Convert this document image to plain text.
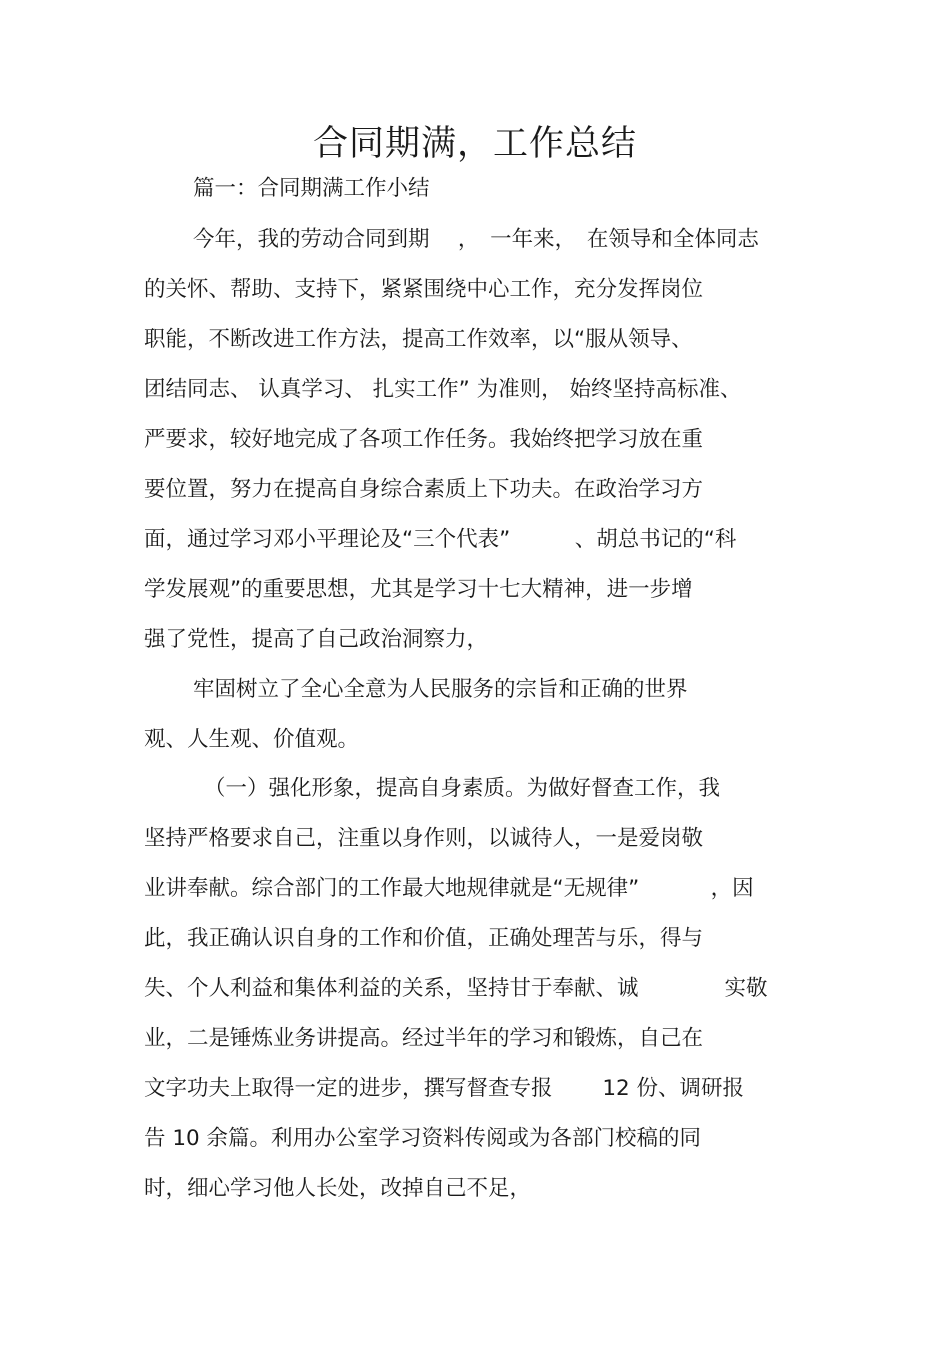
合同期满，工作总结
篇一：合同期满工作小结
今年，我的劳动合同到期　 ，　一年来，　在领导和全体同志
的关怀、帮助、支持下，紧紧围绕中心工作，充分发挥岗位
职能，不断改进工作方法，提高工作效率，以“服从领导、
团结同志、 认真学习、 扎实工作” 为准则， 始终坚持高标准、
严要求，较好地完成了各项工作任务。我始终把学习放在重
要位置，努力在提高自身综合素质上下功夫。在政治学习方
面，通过学习邓小平理论及“三个代表”　　　、胡总书记的“科
学发展观”的重要思想，尤其是学习十七大精神，进一步增
强了党性，提高了自己政治洞察力，
牢固树立了全心全意为人民服务的宗旨和正确的世界
观、人生观、价值观。
（一）强化形象，提高自身素质。为做好督查工作，我
坚持严格要求自己，注重以身作则，以诚待人，一是爱岗敬
业讲奉献。综合部门的工作最大地规律就是“无规律”　　　 ，因
此，我正确认识自身的工作和价值，正确处理苦与乐，得与
失、个人利益和集体利益的关系，坚持甘于奉献、诚　　　　实敬
业，二是锤炼业务讲提高。经过半年的学习和锻炼，自己在
文字功夫上取得一定的进步，撰写督查专报　　 12 份、调研报
告 10 余篇。利用办公室学习资料传阅或为各部门校稿的同
时，细心学习他人长处，改掉自己不足，
